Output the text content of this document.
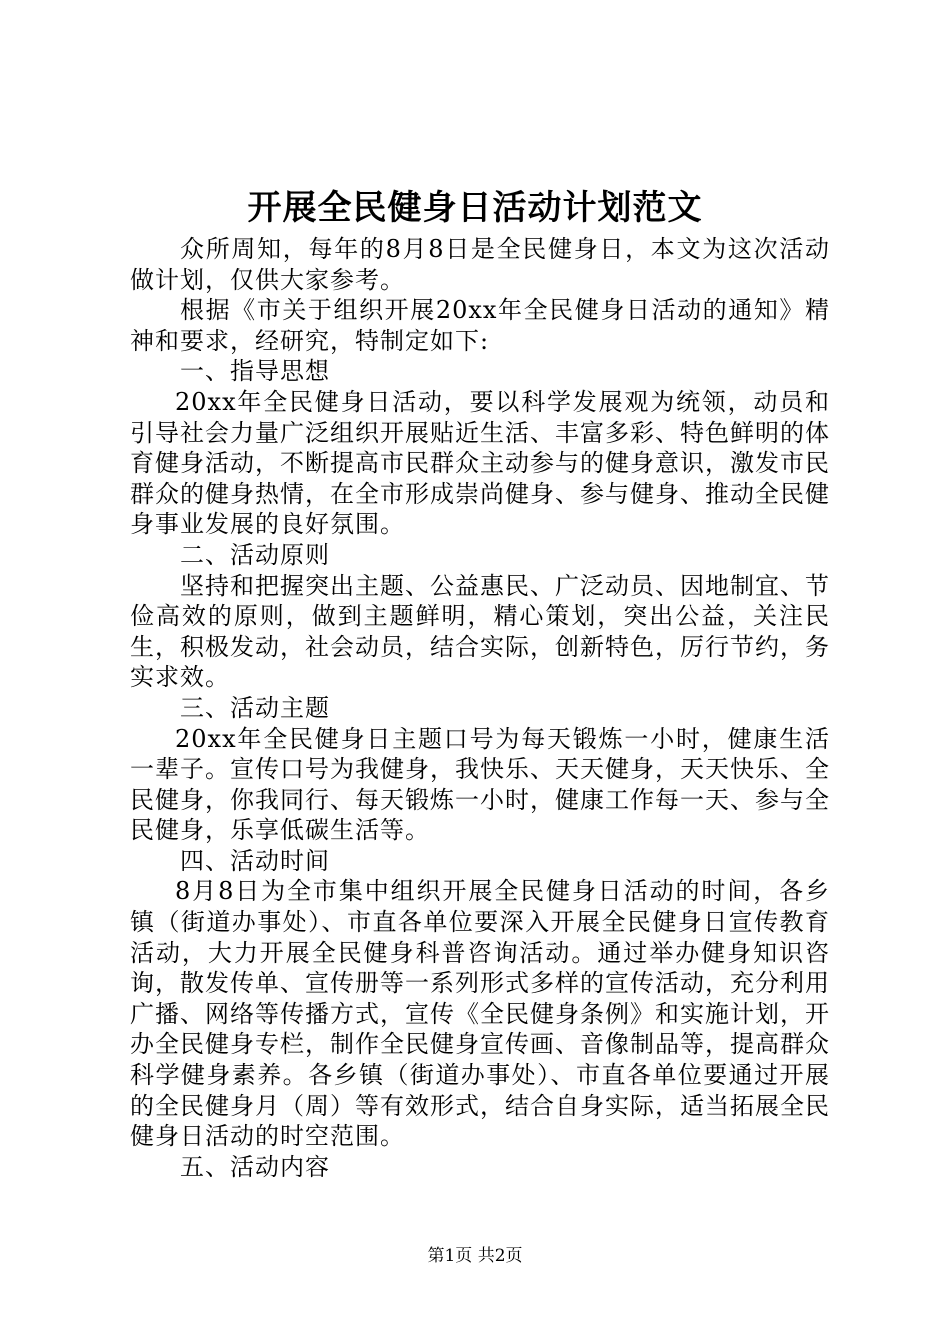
开展全民健身日活动计划范文

众所周知，每年的8月8日是全民健身日，本文为这次活动做计划，仅供大家参考。

根据《市关于组织开展20xx年全民健身日活动的通知》精神和要求，经研究，特制定如下:

一、指导思想

20xx年全民健身日活动，要以科学发展观为统领，动员和引导社会力量广泛组织开展贴近生活、丰富多彩、特色鲜明的体育健身活动，不断提高市民群众主动参与的健身意识，激发市民群众的健身热情，在全市形成崇尚健身、参与健身、推动全民健身事业发展的良好氛围。

二、活动原则

坚持和把握突出主题、公益惠民、广泛动员、因地制宜、节俭高效的原则，做到主题鲜明，精心策划，突出公益，关注民生，积极发动，社会动员，结合实际，创新特色，厉行节约，务实求效。

三、活动主题

20xx年全民健身日主题口号为每天锻炼一小时，健康生活一辈子。宣传口号为我健身，我快乐、天天健身，天天快乐、全民健身，你我同行、每天锻炼一小时，健康工作每一天、参与全民健身，乐享低碳生活等。

四、活动时间

8月8日为全市集中组织开展全民健身日活动的时间，各乡镇（街道办事处）、市直各单位要深入开展全民健身日宣传教育活动，大力开展全民健身科普咨询活动。通过举办健身知识咨询，散发传单、宣传册等一系列形式多样的宣传活动，充分利用广播、网络等传播方式，宣传《全民健身条例》和实施计划，开办全民健身专栏，制作全民健身宣传画、音像制品等，提高群众科学健身素养。各乡镇（街道办事处）、市直各单位要通过开展的全民健身月（周）等有效形式，结合自身实际，适当拓展全民健身日活动的时空范围。

五、活动内容

第1页 共2页
